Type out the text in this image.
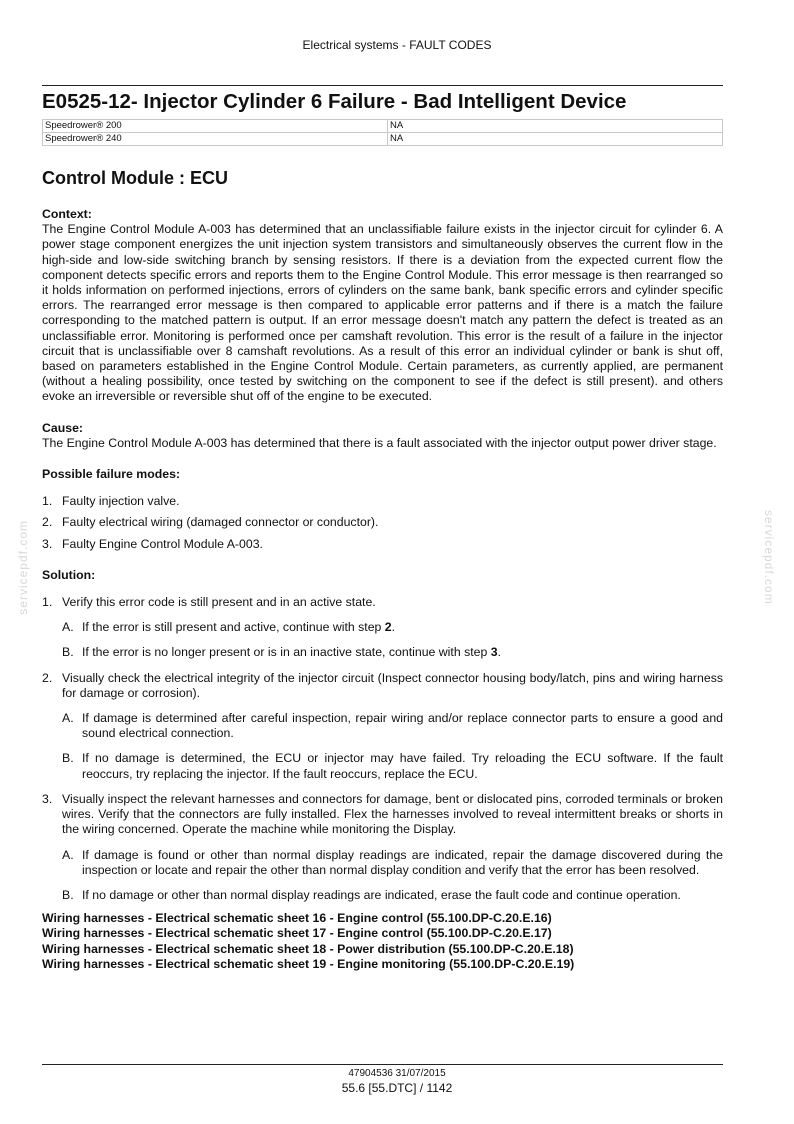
Electrical systems - FAULT CODES
E0525-12- Injector Cylinder 6 Failure - Bad Intelligent Device
Speedrower® 200	NA
Speedrower® 240	NA
Control Module : ECU
Context:

The Engine Control Module A-003 has determined that an unclassifiable failure exists in the injector circuit for cylinder 6. A power stage component energizes the unit injection system transistors and simultaneously observes the current flow in the high-side and low-side switching branch by sensing resistors. If there is a deviation from the expected current flow the component detects specific errors and reports them to the Engine Control Module. This error message is then rearranged so it holds information on performed injections, errors of cylinders on the same bank, bank specific errors and cylinder specific errors. The rearranged error message is then compared to applicable error patterns and if there is a match the failure corresponding to the matched pattern is output. If an error message doesn't match any pattern the defect is treated as an unclassifiable error. Monitoring is performed once per camshaft revolution. This error is the result of a failure in the injector circuit that is unclassifiable over 8 camshaft revolutions. As a result of this error an individual cylinder or bank is shut off, based on parameters established in the Engine Control Module. Certain parameters, as currently applied, are permanent (without a healing possibility, once tested by switching on the component to see if the defect is still present). and others evoke an irreversible or reversible shut off of the engine to be executed.

Cause:

The Engine Control Module A-003 has determined that there is a fault associated with the injector output power driver stage.

Possible failure modes:
1. Faulty injection valve.
2. Faulty electrical wiring (damaged connector or conductor).
3. Faulty Engine Control Module A-003.
Solution:
1. Verify this error code is still present and in an active state.
A. If the error is still present and active, continue with step 2.
B. If the error is no longer present or is in an inactive state, continue with step 3.
2. Visually check the electrical integrity of the injector circuit (Inspect connector housing body/latch, pins and wiring harness for damage or corrosion).
A. If damage is determined after careful inspection, repair wiring and/or replace connector parts to ensure a good and sound electrical connection.
B. If no damage is determined, the ECU or injector may have failed. Try reloading the ECU software. If the fault reoccurs, try replacing the injector. If the fault reoccurs, replace the ECU.
3. Visually inspect the relevant harnesses and connectors for damage, bent or dislocated pins, corroded terminals or broken wires. Verify that the connectors are fully installed. Flex the harnesses involved to reveal intermittent breaks or shorts in the wiring concerned. Operate the machine while monitoring the Display.
A. If damage is found or other than normal display readings are indicated, repair the damage discovered during the inspection or locate and repair the other than normal display condition and verify that the error has been resolved.
B. If no damage or other than normal display readings are indicated, erase the fault code and continue operation.
Wiring harnesses - Electrical schematic sheet 16 - Engine control (55.100.DP-C.20.E.16)
Wiring harnesses - Electrical schematic sheet 17 - Engine control (55.100.DP-C.20.E.17)
Wiring harnesses - Electrical schematic sheet 18 - Power distribution (55.100.DP-C.20.E.18)
Wiring harnesses - Electrical schematic sheet 19 - Engine monitoring (55.100.DP-C.20.E.19)
servicepdf.com	servicepdf.com
47904536 31/07/2015
55.6 [55.DTC] / 1142
